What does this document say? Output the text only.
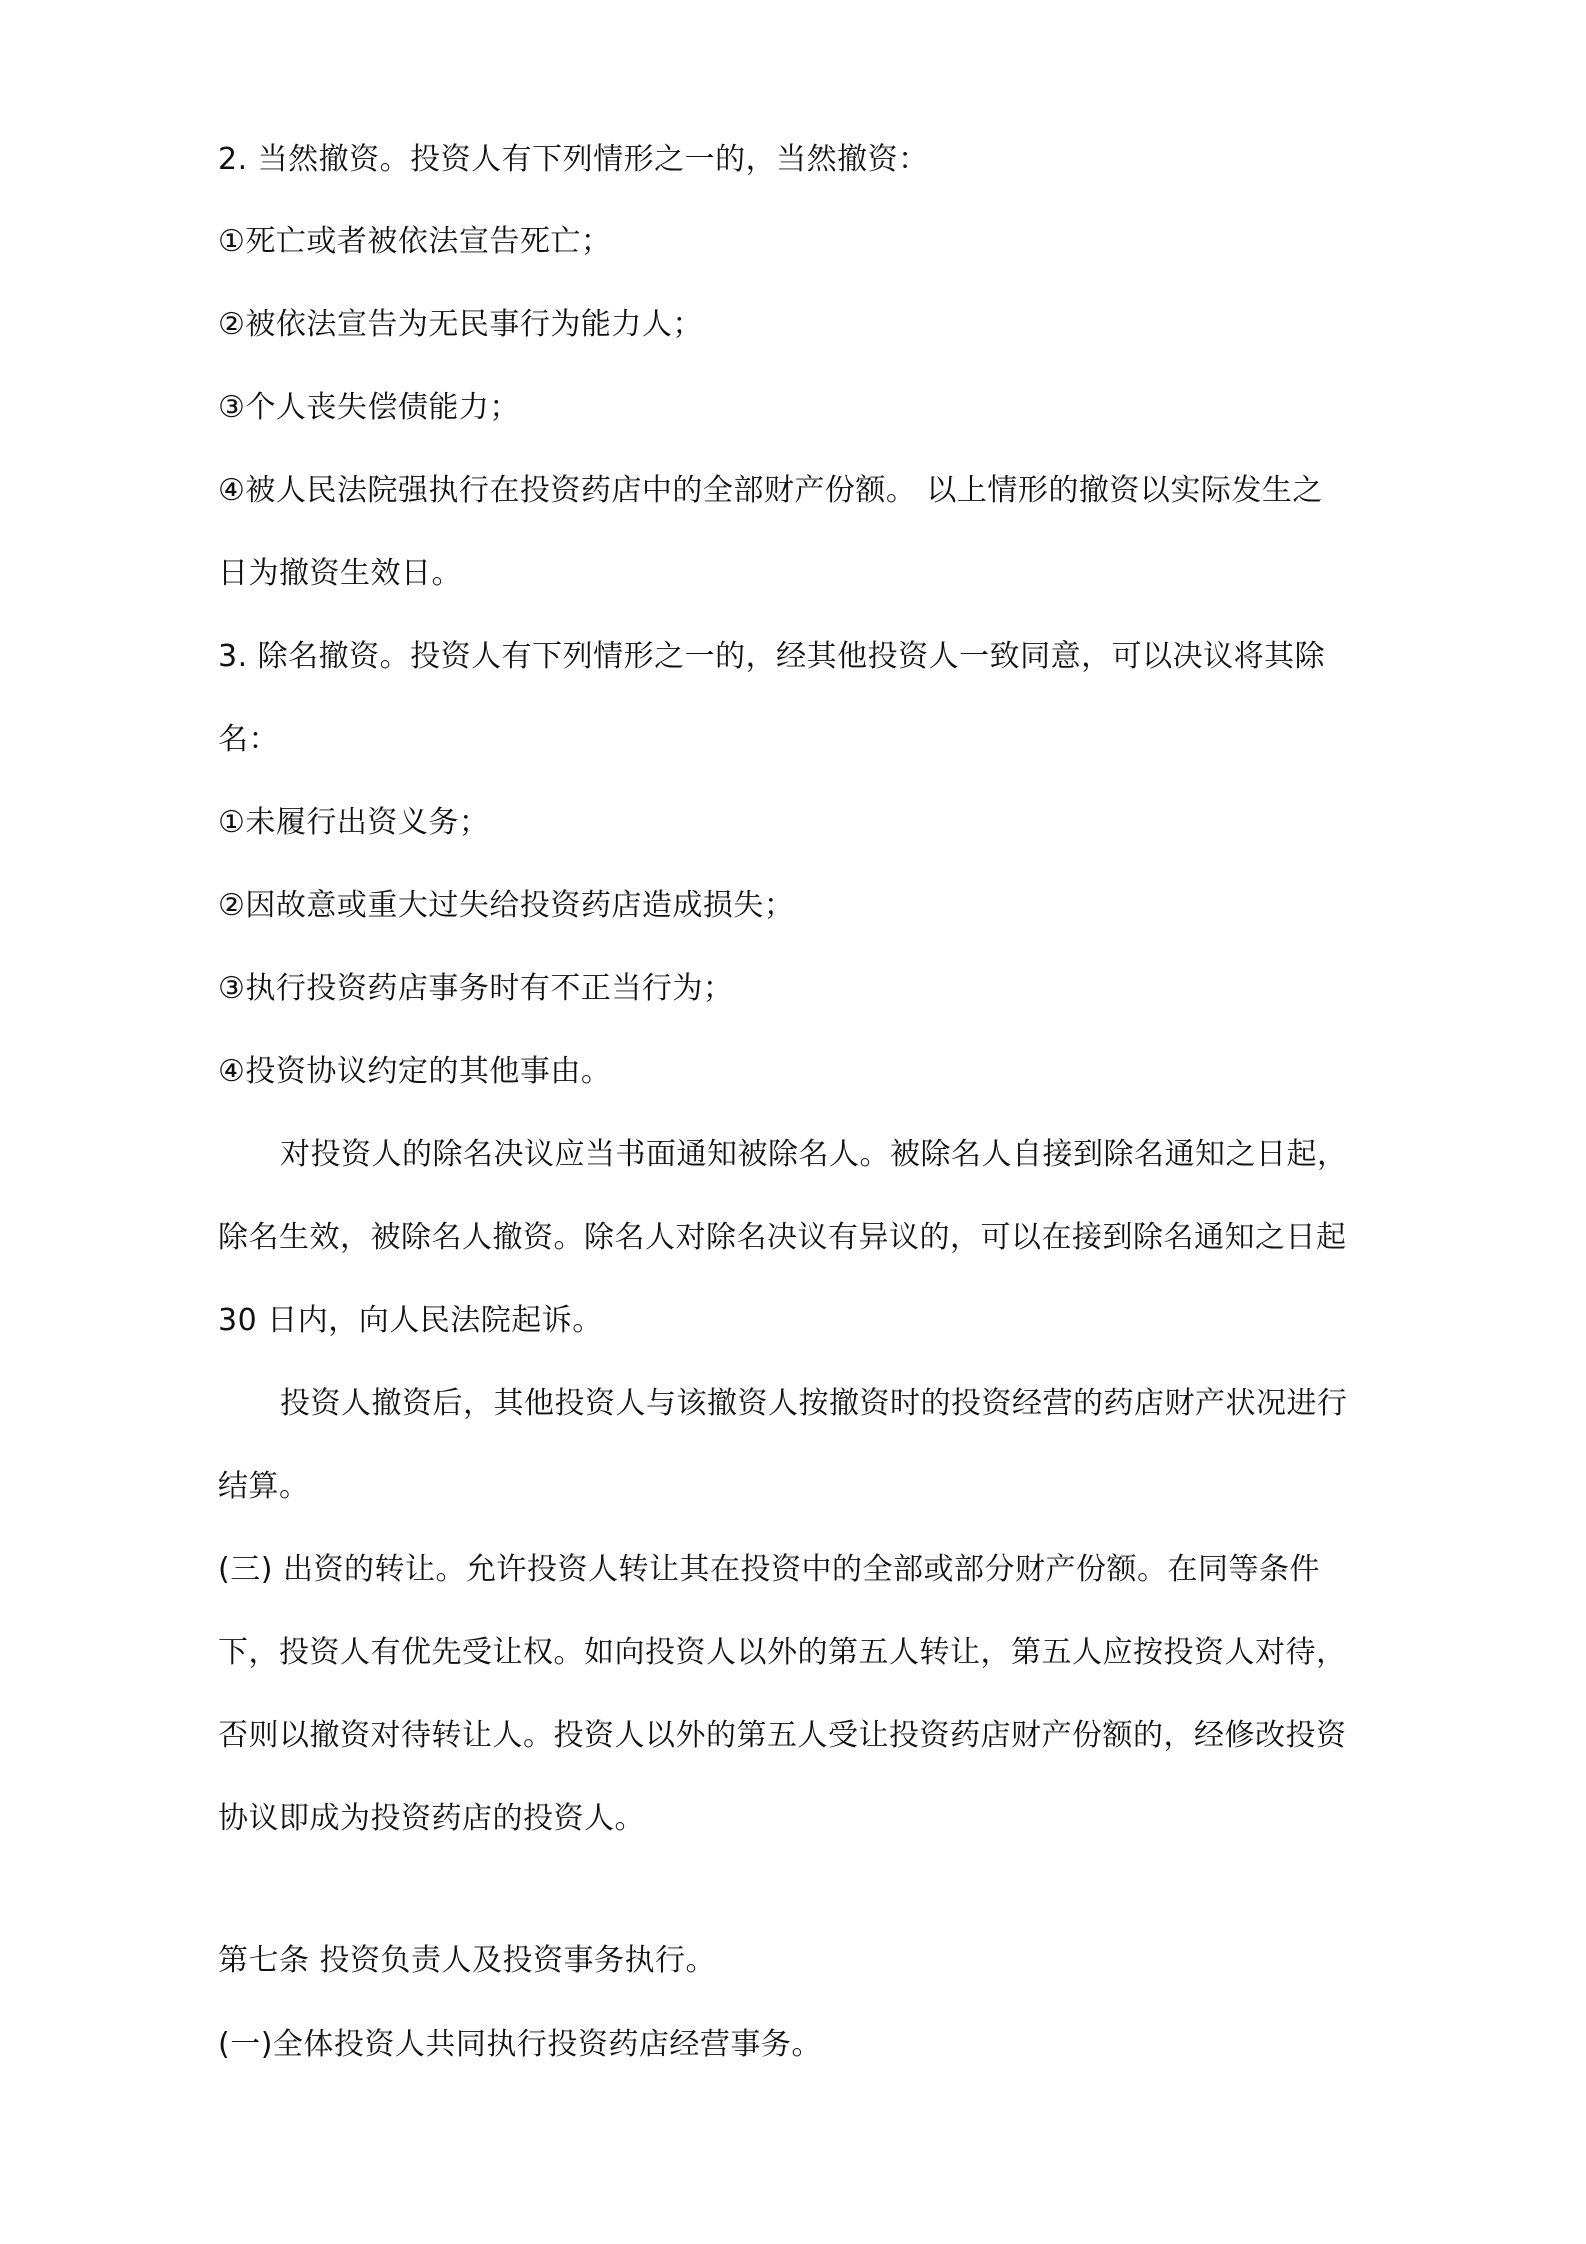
2. 当然撤资。投资人有下列情形之一的，当然撤资：
①死亡或者被依法宣告死亡；
②被依法宣告为无民事行为能力人；
③个人丧失偿债能力；
④被人民法院强执行在投资药店中的全部财产份额。 以上情形的撤资以实际发生之
日为撤资生效日。
3. 除名撤资。投资人有下列情形之一的，经其他投资人一致同意，可以决议将其除
名：
①未履行出资义务；
②因故意或重大过失给投资药店造成损失；
③执行投资药店事务时有不正当行为；
④投资协议约定的其他事由。
对投资人的除名决议应当书面通知被除名人。被除名人自接到除名通知之日起，
除名生效，被除名人撤资。除名人对除名决议有异议的，可以在接到除名通知之日起
30 日内，向人民法院起诉。
投资人撤资后，其他投资人与该撤资人按撤资时的投资经营的药店财产状况进行
结算。
(三) 出资的转让。允许投资人转让其在投资中的全部或部分财产份额。在同等条件
下，投资人有优先受让权。如向投资人以外的第五人转让，第五人应按投资人对待，
否则以撤资对待转让人。投资人以外的第五人受让投资药店财产份额的，经修改投资
协议即成为投资药店的投资人。
第七条 投资负责人及投资事务执行。
(一)全体投资人共同执行投资药店经营事务。
